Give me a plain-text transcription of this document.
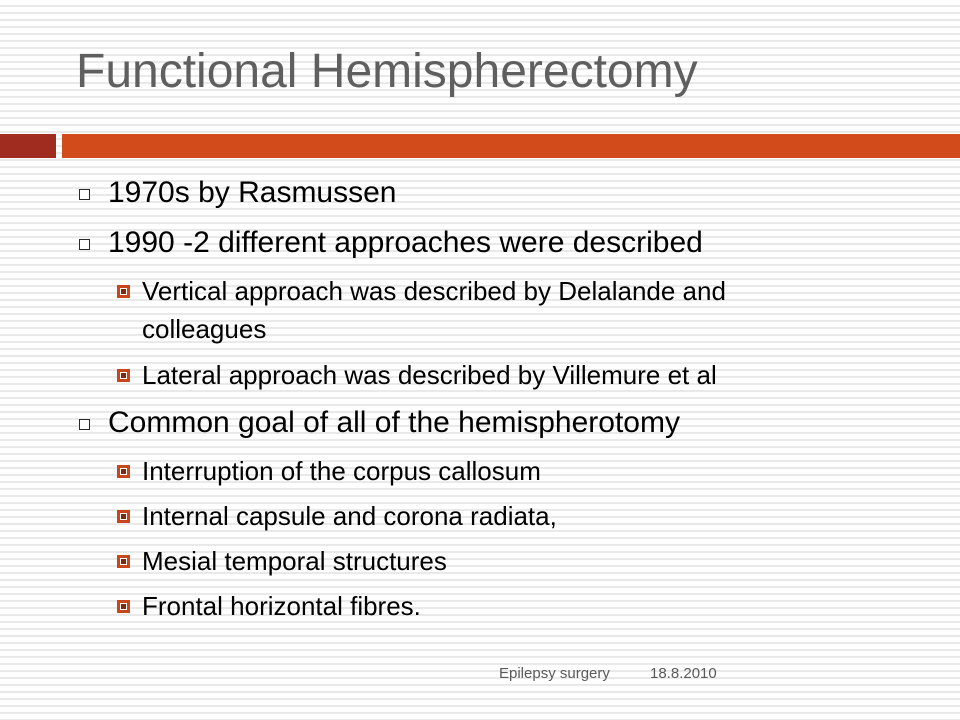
Functional Hemispherectomy
1970s by Rasmussen
1990 -2 different approaches were described
Vertical approach was described by Delalande and
colleagues
Lateral approach was described by Villemure et al
Common goal of all of the hemispherotomy
Interruption of the corpus callosum
Internal capsule and corona radiata,
Mesial temporal structures
Frontal horizontal fibres.
Epilepsy surgery	18.8.2010
